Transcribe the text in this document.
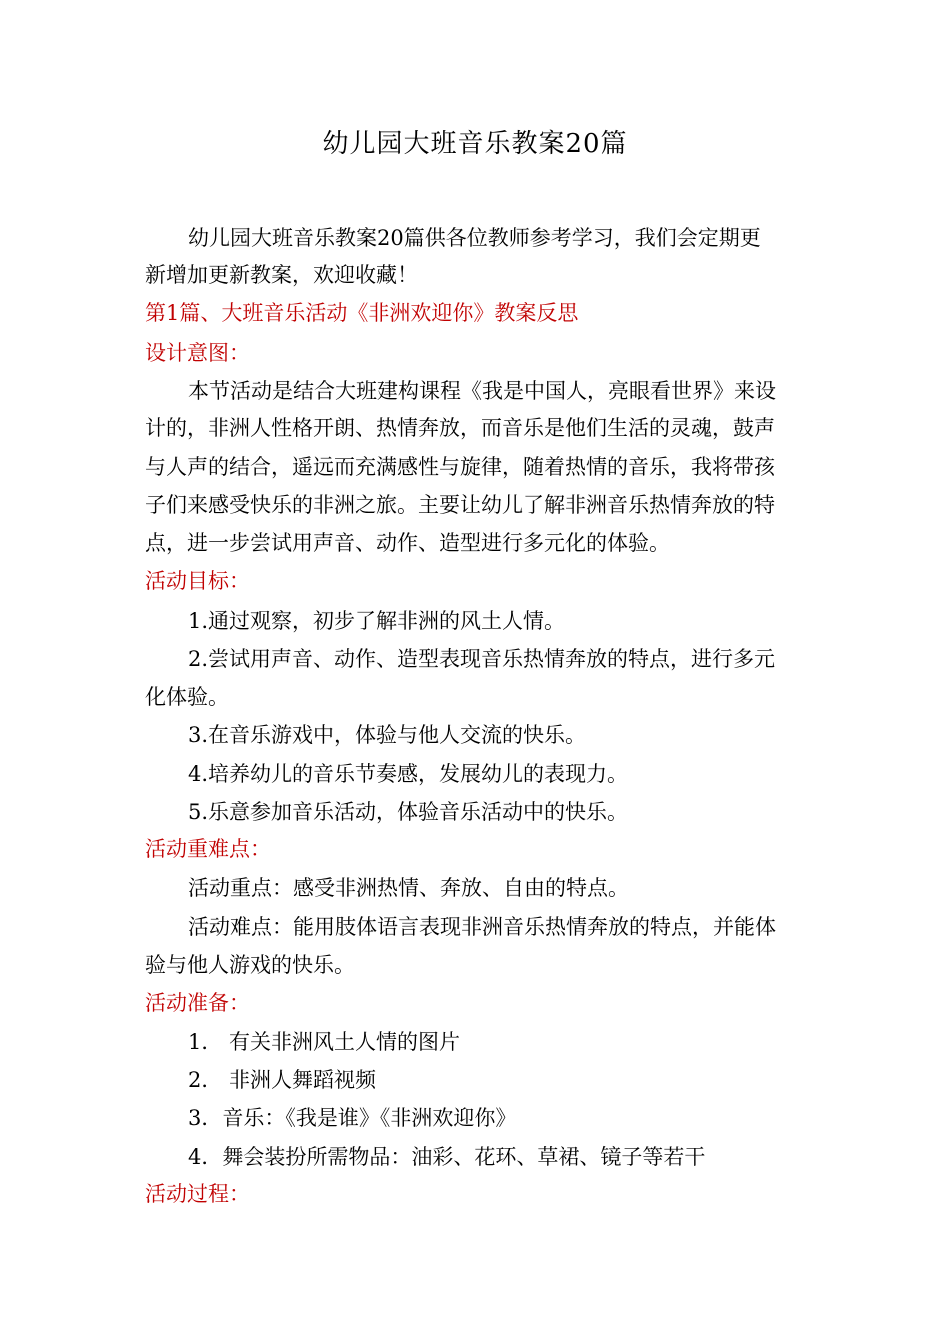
幼儿园大班音乐教案20篇
幼儿园大班音乐教案20篇供各位教师参考学习，我们会定期更
新增加更新教案，欢迎收藏！
第1篇、大班音乐活动《非洲欢迎你》教案反思
设计意图：
本节活动是结合大班建构课程《我是中国人，亮眼看世界》来设
计的，非洲人性格开朗、热情奔放，而音乐是他们生活的灵魂，鼓声
与人声的结合，遥远而充满感性与旋律，随着热情的音乐，我将带孩
子们来感受快乐的非洲之旅。主要让幼儿了解非洲音乐热情奔放的特
点，进一步尝试用声音、动作、造型进行多元化的体验。
活动目标：
1.通过观察，初步了解非洲的风土人情。
2.尝试用声音、动作、造型表现音乐热情奔放的特点，进行多元
化体验。
3.在音乐游戏中，体验与他人交流的快乐。
4.培养幼儿的音乐节奏感，发展幼儿的表现力。
5.乐意参加音乐活动，体验音乐活动中的快乐。
活动重难点：
活动重点：感受非洲热情、奔放、自由的特点。
活动难点：能用肢体语言表现非洲音乐热情奔放的特点，并能体
验与他人游戏的快乐。
活动准备：
1． 有关非洲风土人情的图片
2． 非洲人舞蹈视频
3．音乐：《我是谁》《非洲欢迎你》
4．舞会装扮所需物品：油彩、花环、草裙、镜子等若干
活动过程：
